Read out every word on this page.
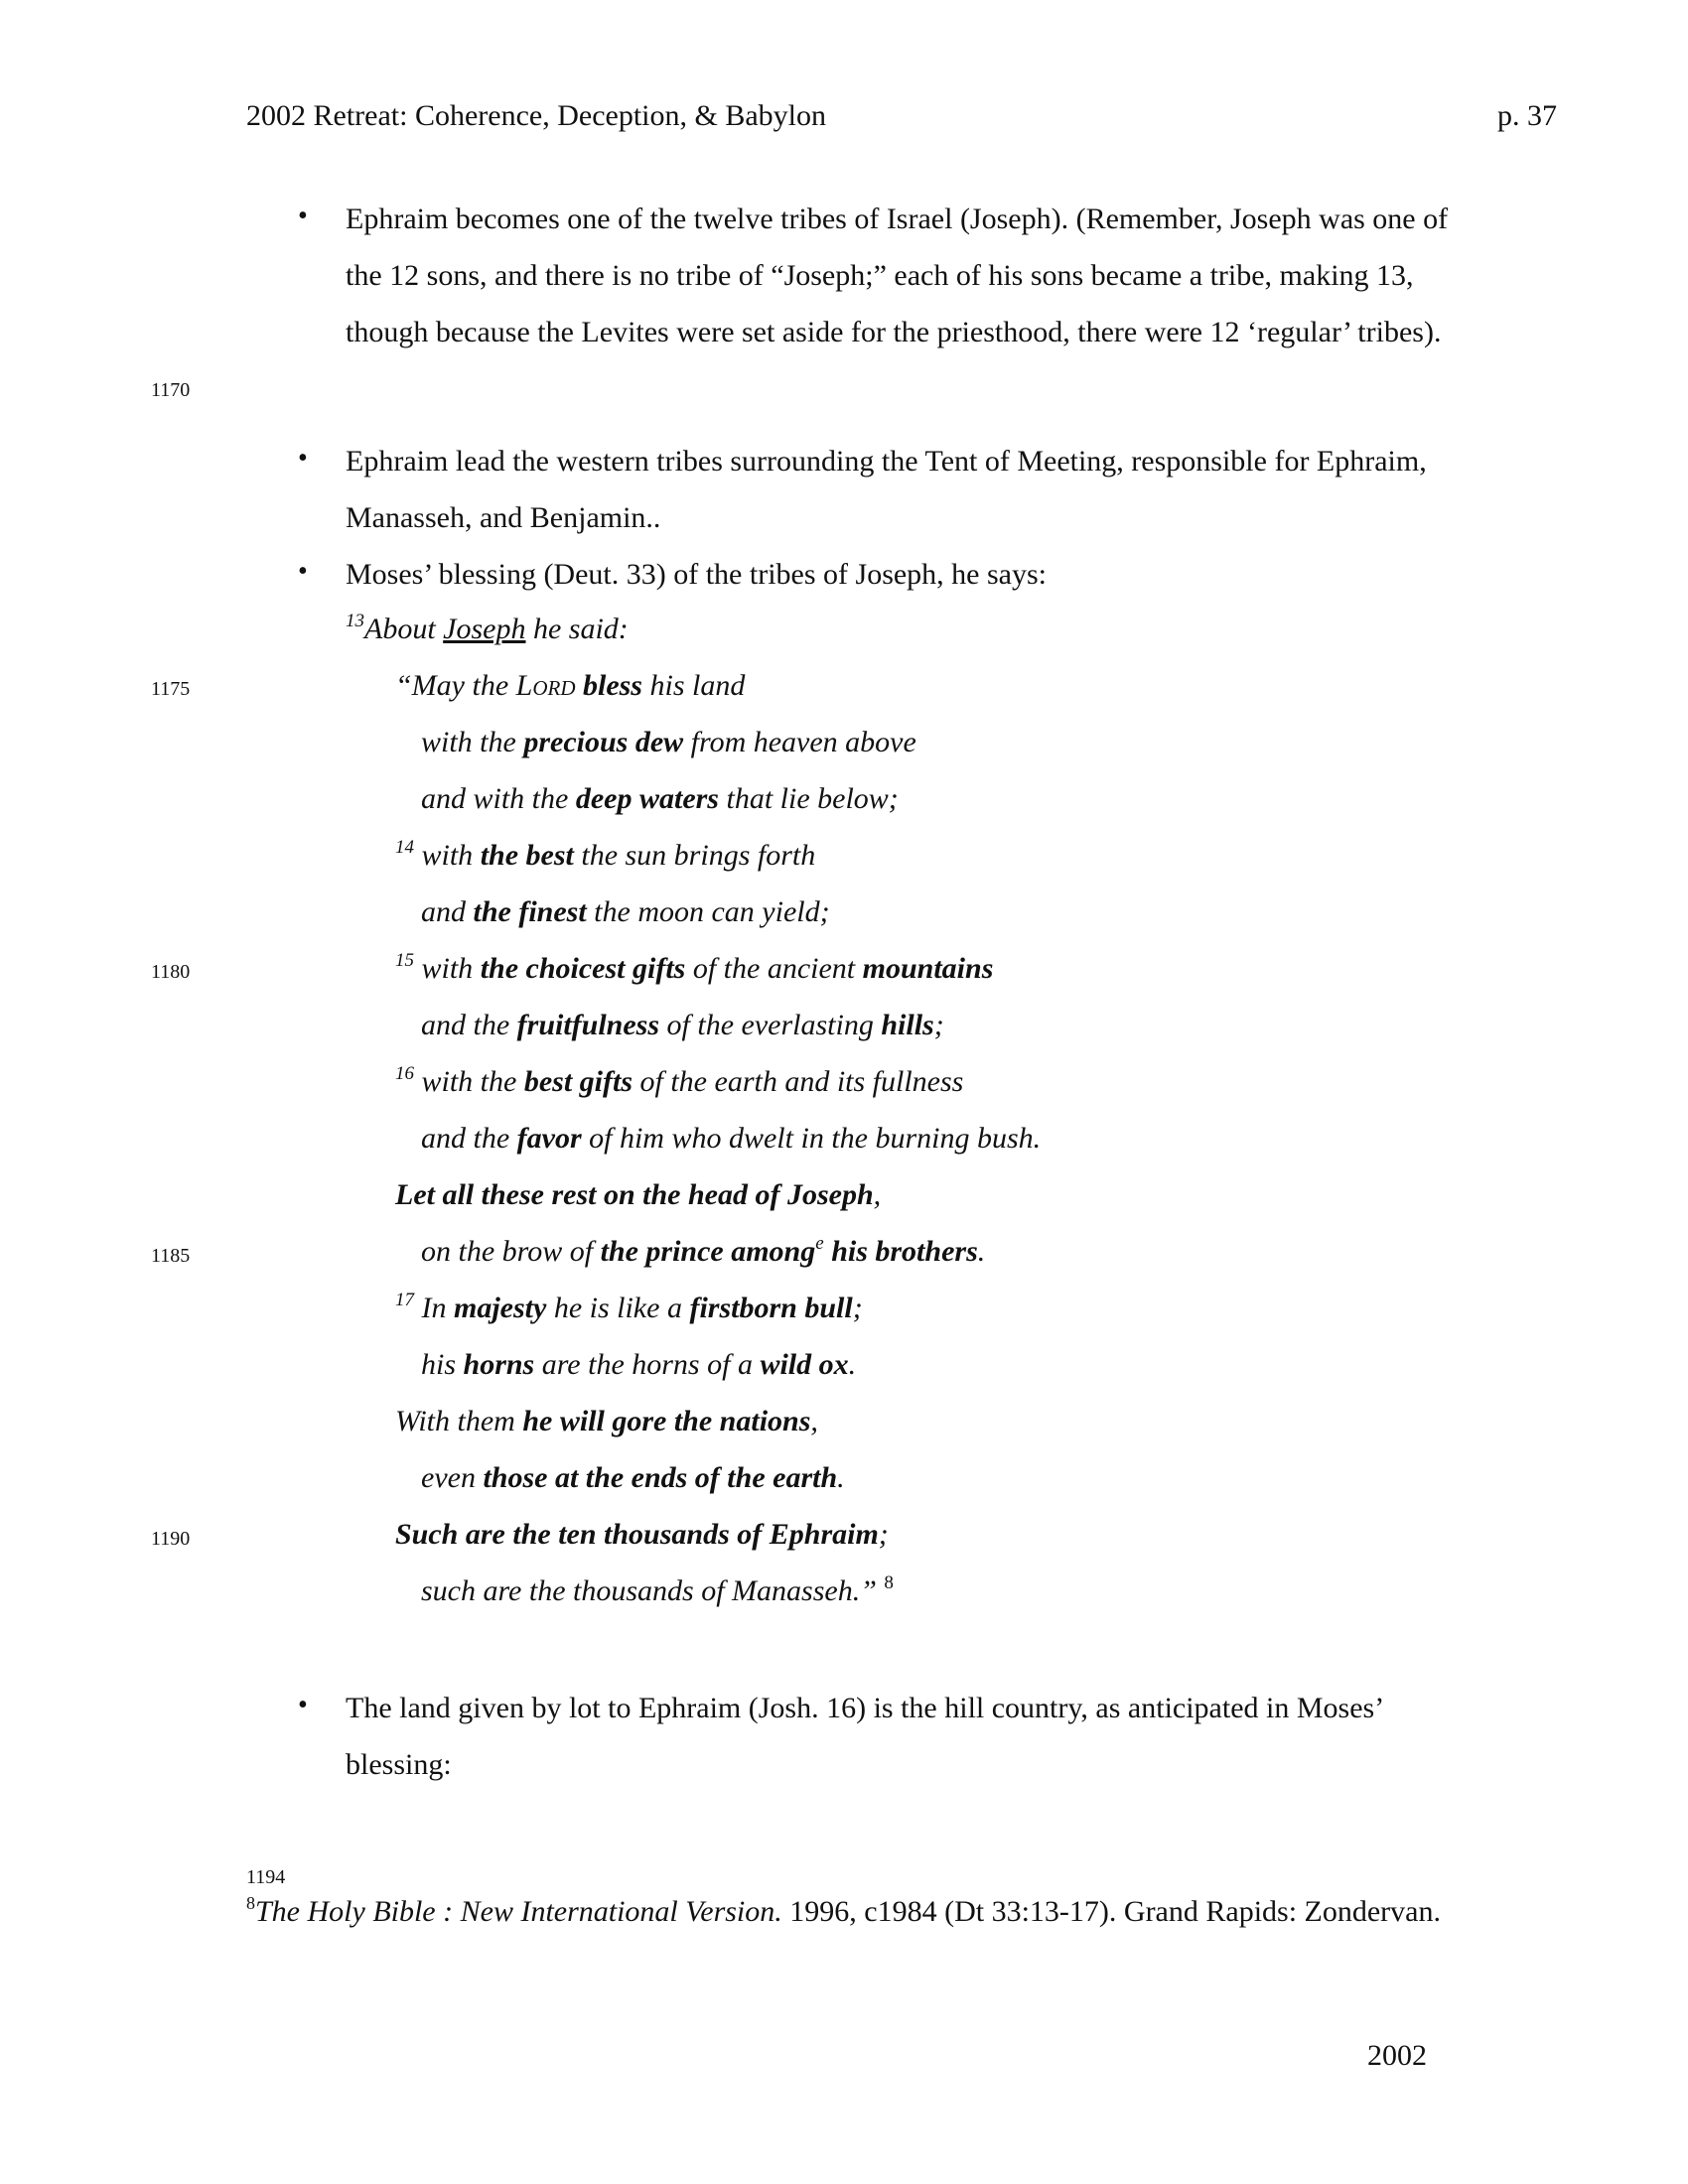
2002 Retreat: Coherence, Deception, & Babylon	p. 37
1170
1175
1180
1185
1190
• Ephraim becomes one of the twelve tribes of Israel (Joseph). (Remember, Joseph was one of the 12 sons, and there is no tribe of “Joseph;” each of his sons became a tribe, making 13, though because the Levites were set aside for the priesthood, there were 12 ‘regular’ tribes).
• Ephraim lead the western tribes surrounding the Tent of Meeting, responsible for Ephraim, Manasseh, and Benjamin..
• Moses’ blessing (Deut. 33) of the tribes of Joseph, he says:
$^{13}$About Joseph he said:
“May the Lord bless his land
with the precious dew from heaven above
and with the deep waters that lie below;
$^{14}$ with the best the sun brings forth
and the finest the moon can yield;
$^{15}$ with the choicest gifts of the ancient mountains
and the fruitfulness of the everlasting hills;
$^{16}$ with the best gifts of the earth and its fullness
and the favor of him who dwelt in the burning bush.
Let all these rest on the head of Joseph,
on the brow of the prince among$^e$ his brothers.
$^{17}$ In majesty he is like a firstborn bull;
his horns are the horns of a wild ox.
With them he will gore the nations,
even those at the ends of the earth.
Such are the ten thousands of Ephraim;
such are the thousands of Manasseh.” $^8$
• The land given by lot to Ephraim (Josh. 16) is the hill country, as anticipated in Moses’ blessing:
1194
$^8$The Holy Bible : New International Version. 1996, c1984 (Dt 33:13-17). Grand Rapids: Zondervan.
2002
